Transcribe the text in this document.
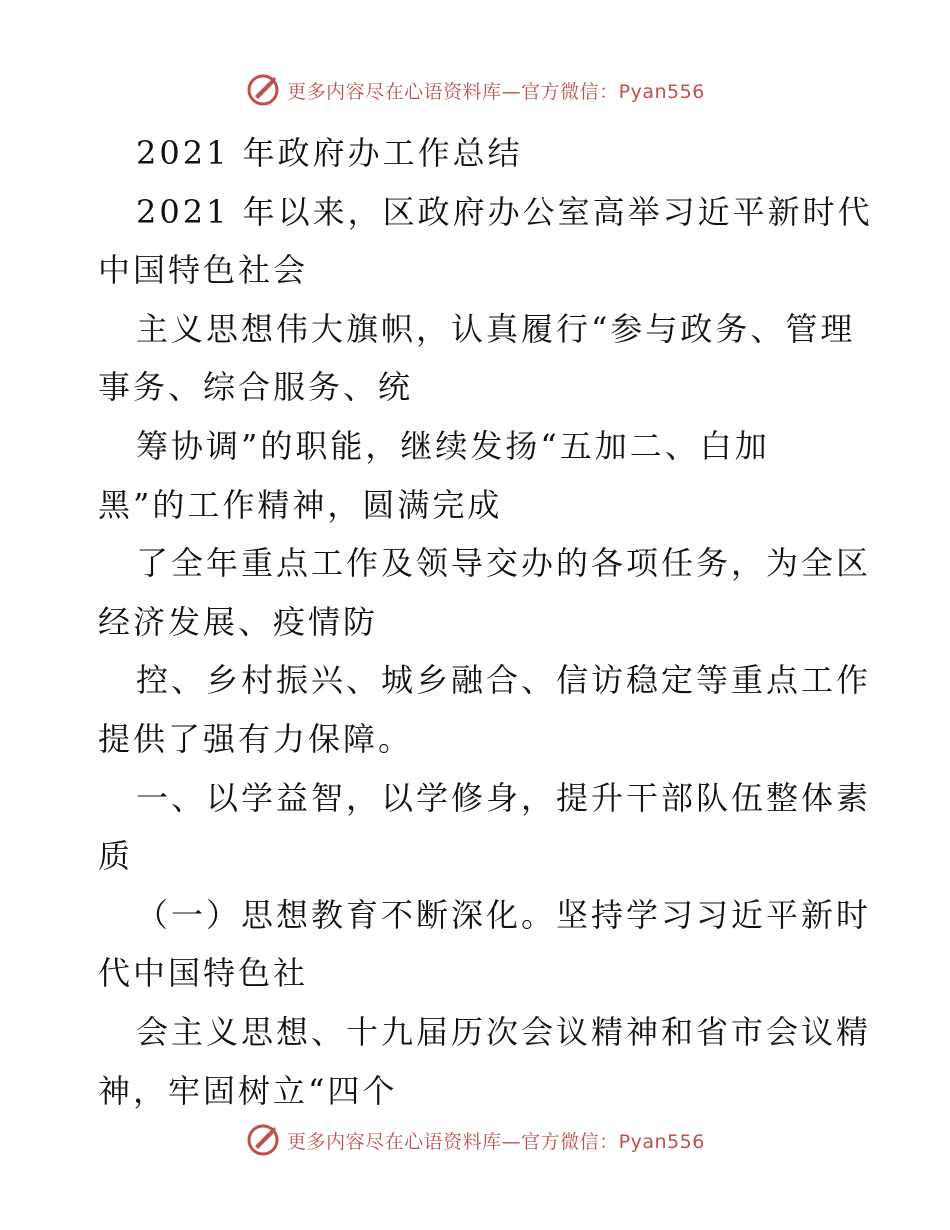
更多内容尽在心语资料库—官方微信：Pyan556
2021 年政府办工作总结
2021 年以来，区政府办公室高举习近平新时代
中国特色社会
主义思想伟大旗帜，认真履行“参与政务、管理
事务、综合服务、统
筹协调”的职能，继续发扬“五加二、白加
黑”的工作精神，圆满完成
了全年重点工作及领导交办的各项任务，为全区
经济发展、疫情防
控、乡村振兴、城乡融合、信访稳定等重点工作
提供了强有力保障。
一、以学益智，以学修身，提升干部队伍整体素
质
（一）思想教育不断深化。坚持学习习近平新时
代中国特色社
会主义思想、十九届历次会议精神和省市会议精
神，牢固树立“四个
更多内容尽在心语资料库—官方微信：Pyan556
